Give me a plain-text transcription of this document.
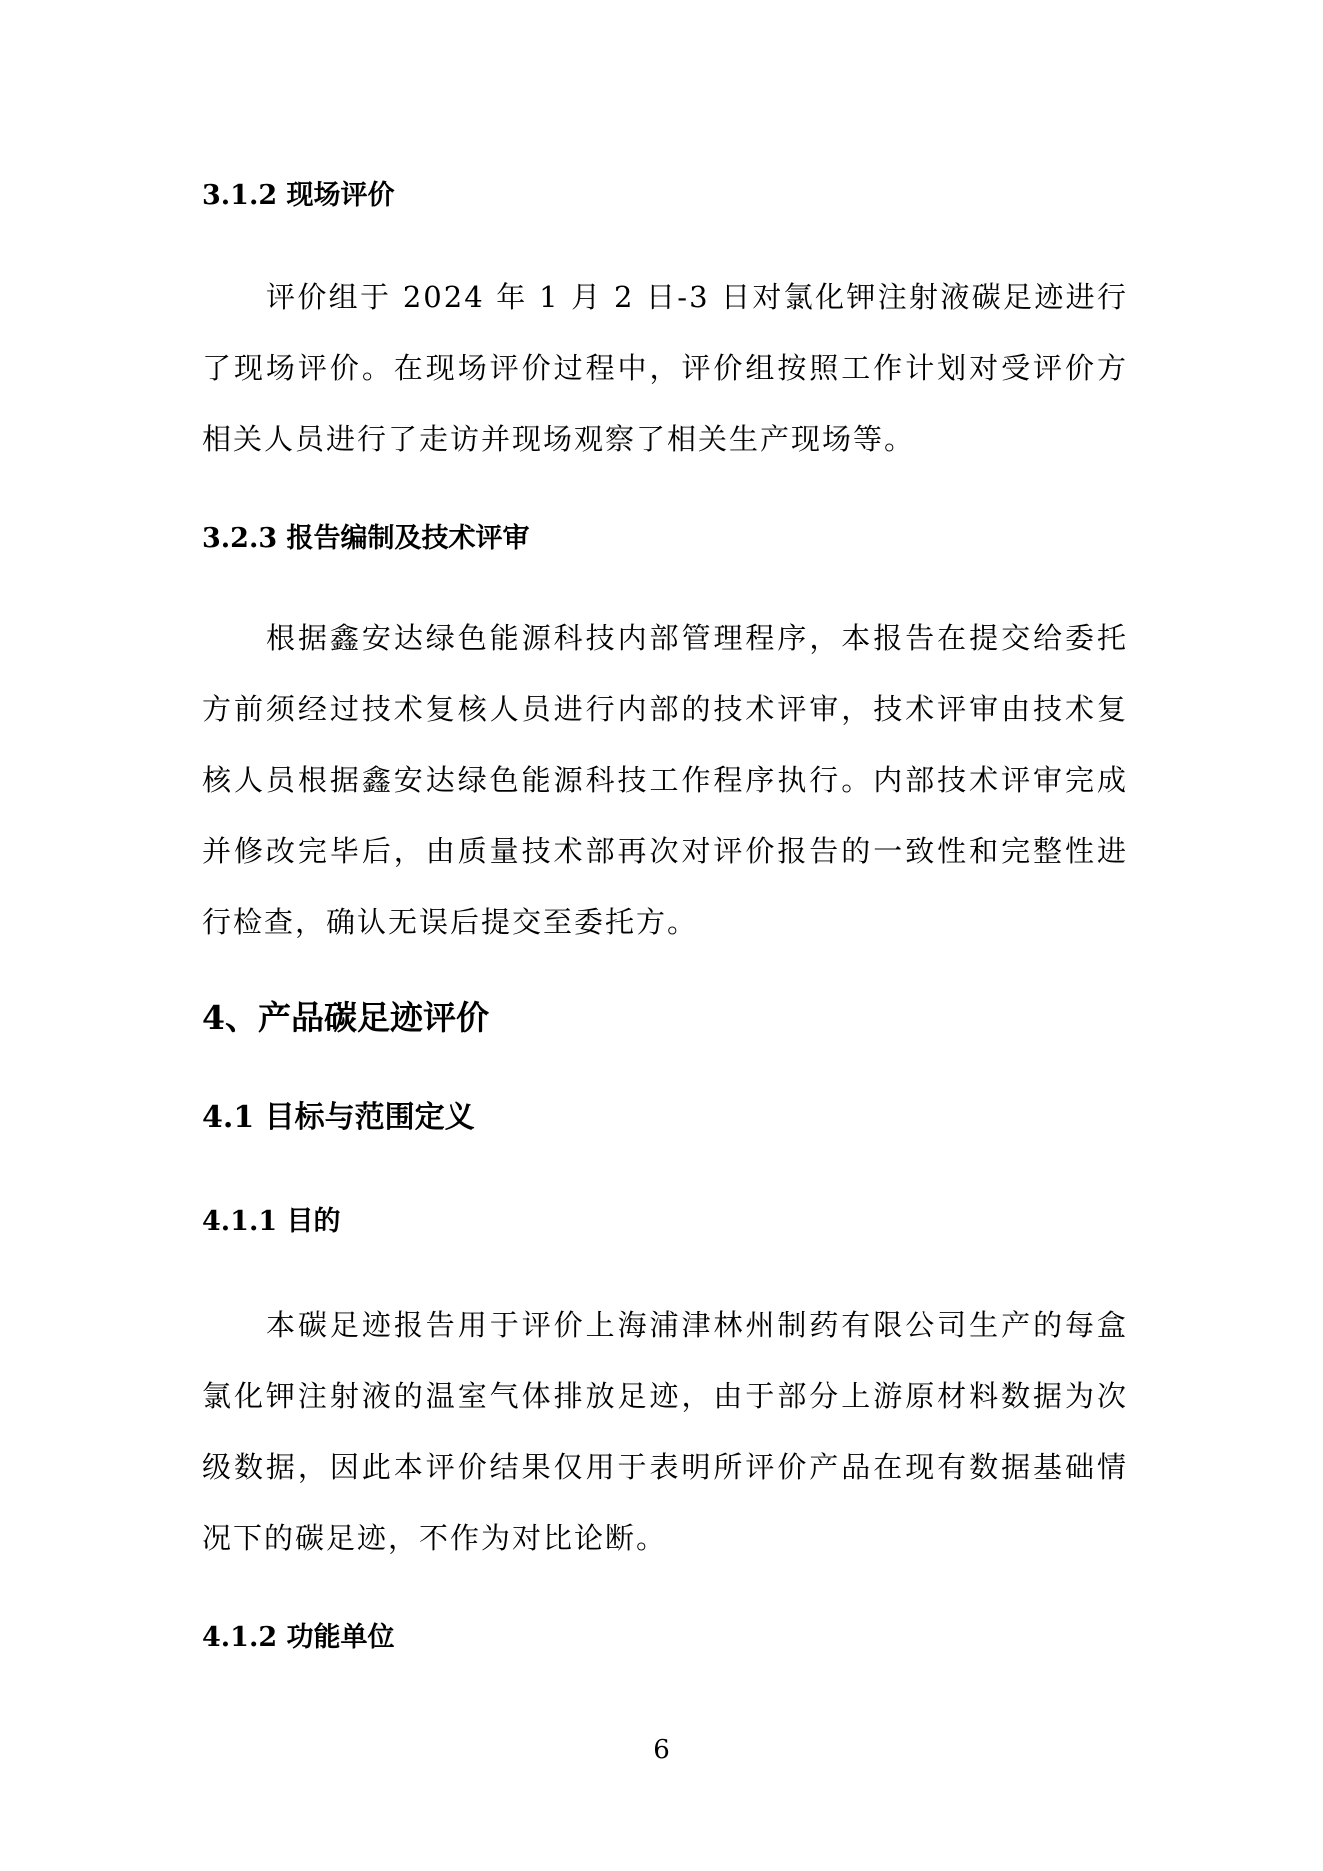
3.1.2 现场评价

评价组于 2024 年 1 月 2 日-3 日对氯化钾注射液碳足迹进行了现场评价。在现场评价过程中，评价组按照工作计划对受评价方相关人员进行了走访并现场观察了相关生产现场等。

3.2.3 报告编制及技术评审

根据鑫安达绿色能源科技内部管理程序，本报告在提交给委托方前须经过技术复核人员进行内部的技术评审，技术评审由技术复核人员根据鑫安达绿色能源科技工作程序执行。内部技术评审完成并修改完毕后，由质量技术部再次对评价报告的一致性和完整性进行检查，确认无误后提交至委托方。

4、产品碳足迹评价
4.1 目标与范围定义
4.1.1 目的

本碳足迹报告用于评价上海浦津林州制药有限公司生产的每盒氯化钾注射液的温室气体排放足迹，由于部分上游原材料数据为次级数据，因此本评价结果仅用于表明所评价产品在现有数据基础情况下的碳足迹，不作为对比论断。

4.1.2 功能单位

6
